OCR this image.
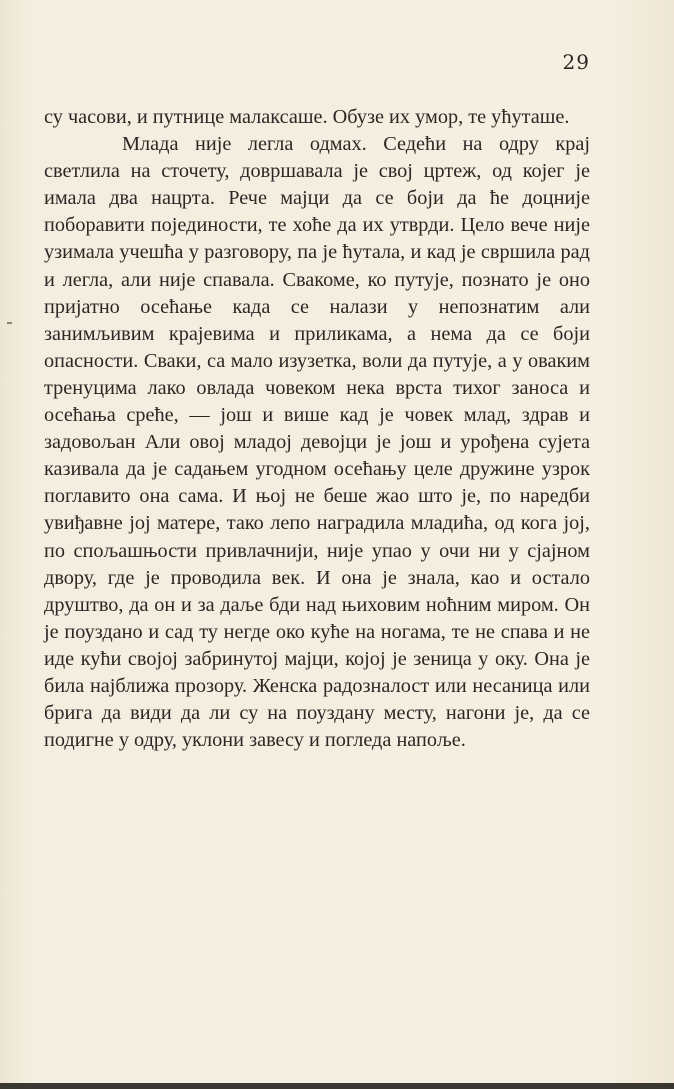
29

су часови, и путнице малаксаше. Обузе их умор, те ућуташе.

Млада није легла одмах. Седећи на одру крај светлила на сточету, довршавала је свој цртеж, од којег је имала два нацрта. Рече мајци да се боји да ће доцније поборавити појединости, те хоће да их утврди. Цело вече није узимала учешћа у разговору, па је ћутала, и кад је свршила рад и легла, али није спавала. Свакоме, ко путује, познато је оно пријатно осећање када се налази у непознатим али занимљивим крајевима и приликама, а нема да се боји опасности. Сваки, са мало изузетка, воли да путује, а у оваким тренуцима лако овлада човеком нека врста тихог заноса и осећања среће, — још и више кад је човек млад, здрав и задовољан Али овој младој девојци је још и урођена сујета казивала да је садањем угодном осећању целе дружине узрок поглавито она сама. И њој не беше жао што је, по наредби увиђавне јој матере, тако лепо наградила младића, од кога јој, по спољашњости привлачнији, није упао у очи ни у сјајном двору, где је проводила век. И она је знала, као и остало друштво, да он и за даље бди над њиховим ноћним миром. Он је поуздано и сад ту негде око куће на ногама, те не спава и не иде кући својој забринутој мајци, којој је зеница у оку. Она је била најближа прозору. Женска радозналост или несаница или брига да види да ли су на поуздану месту, нагони је, да се подигне у одру, уклони завесу и погледа напоље.
